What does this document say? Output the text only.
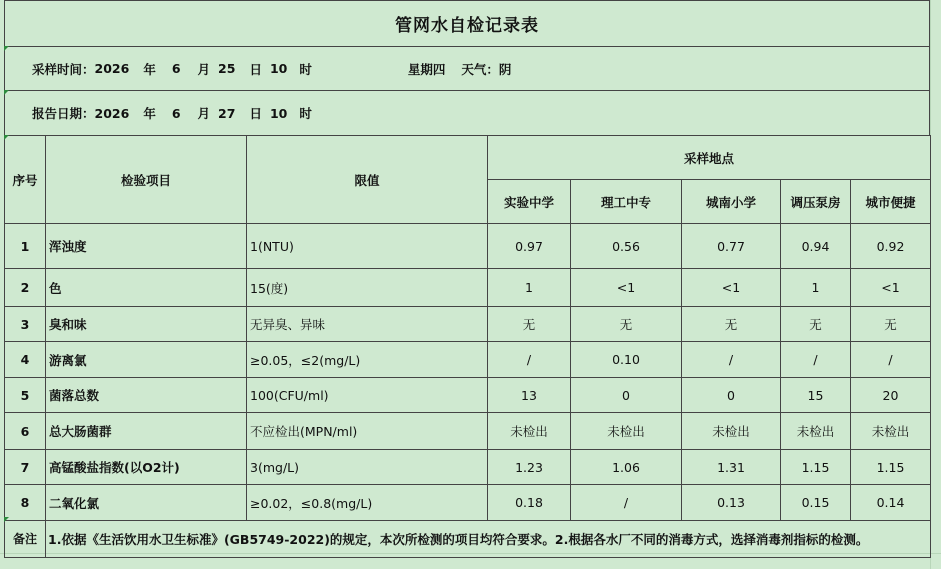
管网水自检记录表
采样时间： 2026 年 6 月 25 日 10 时	星期四 天气： 阴
报告日期： 2026 年 6 月 27 日 10 时
序号	检验项目	限值	采样地点				
			实验中学	理工中专	城南小学	调压泵房	城市便捷
1	浑浊度	1(NTU)	0.97	0.56	0.77	0.94	0.92
2	色	15(度)	1	<1	<1	1	<1
3	臭和味	无异臭、异味	无	无	无	无	无
4	游离氯	≥0.05，≤2(mg/L)	/	0.10	/	/	/
5	菌落总数	100(CFU/ml)	13	0	0	15	20
6	总大肠菌群	不应检出(MPN/ml)	未检出	未检出	未检出	未检出	未检出
7	高锰酸盐指数(以O2计)	3(mg/L)	1.23	1.06	1.31	1.15	1.15
8	二氧化氯	≥0.02，≤0.8(mg/L)	0.18	/	0.13	0.15	0.14
备注	1.依据《生活饮用水卫生标准》(GB5749-2022)的规定，本次所检测的项目均符合要求。2.根据各水厂不同的消毒方式，选择消毒剂指标的检测。						
